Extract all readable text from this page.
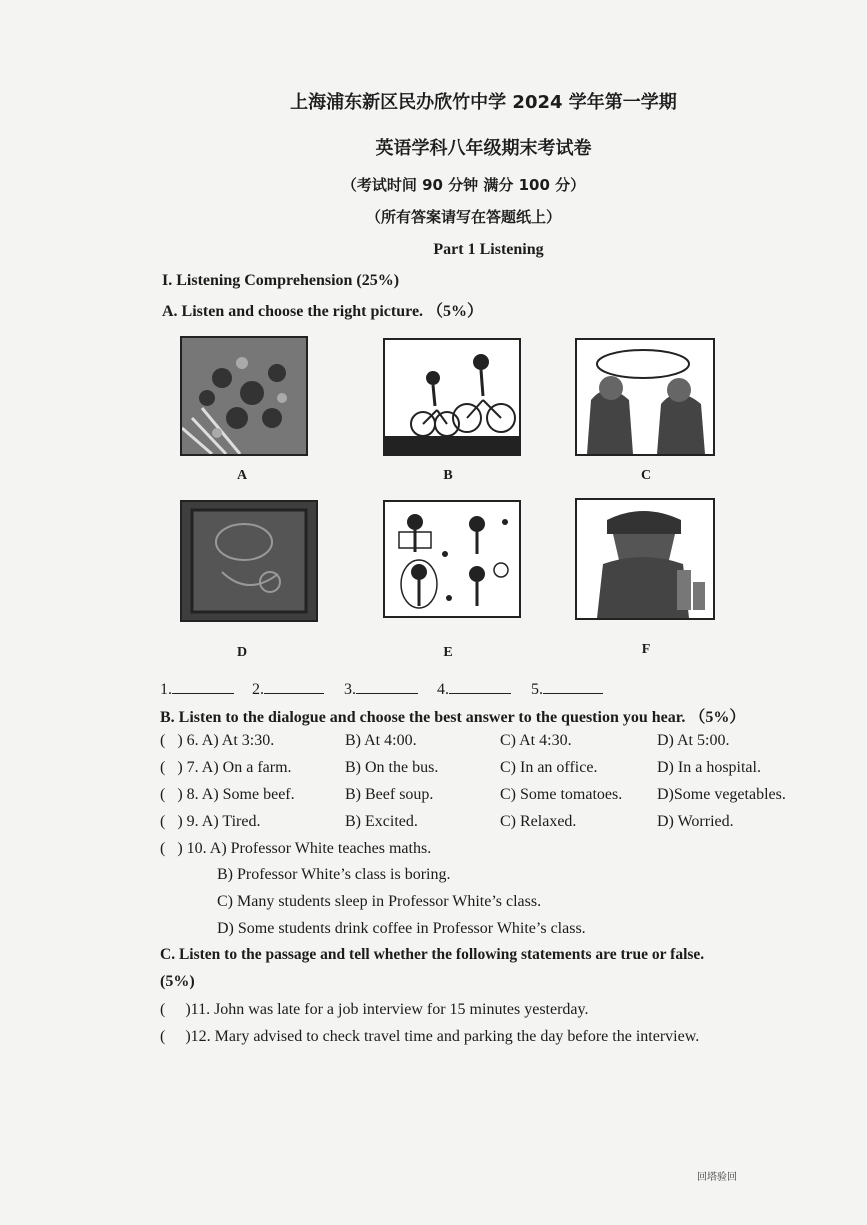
上海浦东新区民办欣竹中学 2024 学年第一学期
英语学科八年级期末考试卷
（考试时间 90 分钟 满分 100 分）
（所有答案请写在答题纸上）
Part 1 Listening
I. Listening Comprehension (25%)
A. Listen and choose the right picture. （5%）
A	B	C
D	E	F
1.	2.	3.	4.	5.
B. Listen to the dialogue and choose the best answer to the question you hear. （5%）
( ) 6. A) At 3:30.	B) At 4:00.	C) At 4:30.	D) At 5:00.
( ) 7. A) On a farm.	B) On the bus.	C) In an office.	D) In a hospital.
( ) 8. A) Some beef.	B) Beef soup.	C) Some tomatoes. D)Some vegetables.
( ) 9. A) Tired.	B) Excited.	C) Relaxed.	D) Worried.
( ) 10. A) Professor White teaches maths.
B) Professor White’s class is boring.
C) Many students sleep in Professor White’s class.
D) Some students drink coffee in Professor White’s class.
C. Listen to the passage and tell whether the following statements are true or false.
(5%)
( )11. John was late for a job interview for 15 minutes yesterday.
( )12. Mary advised to check travel time and parking the day before the interview.
回塔验回
